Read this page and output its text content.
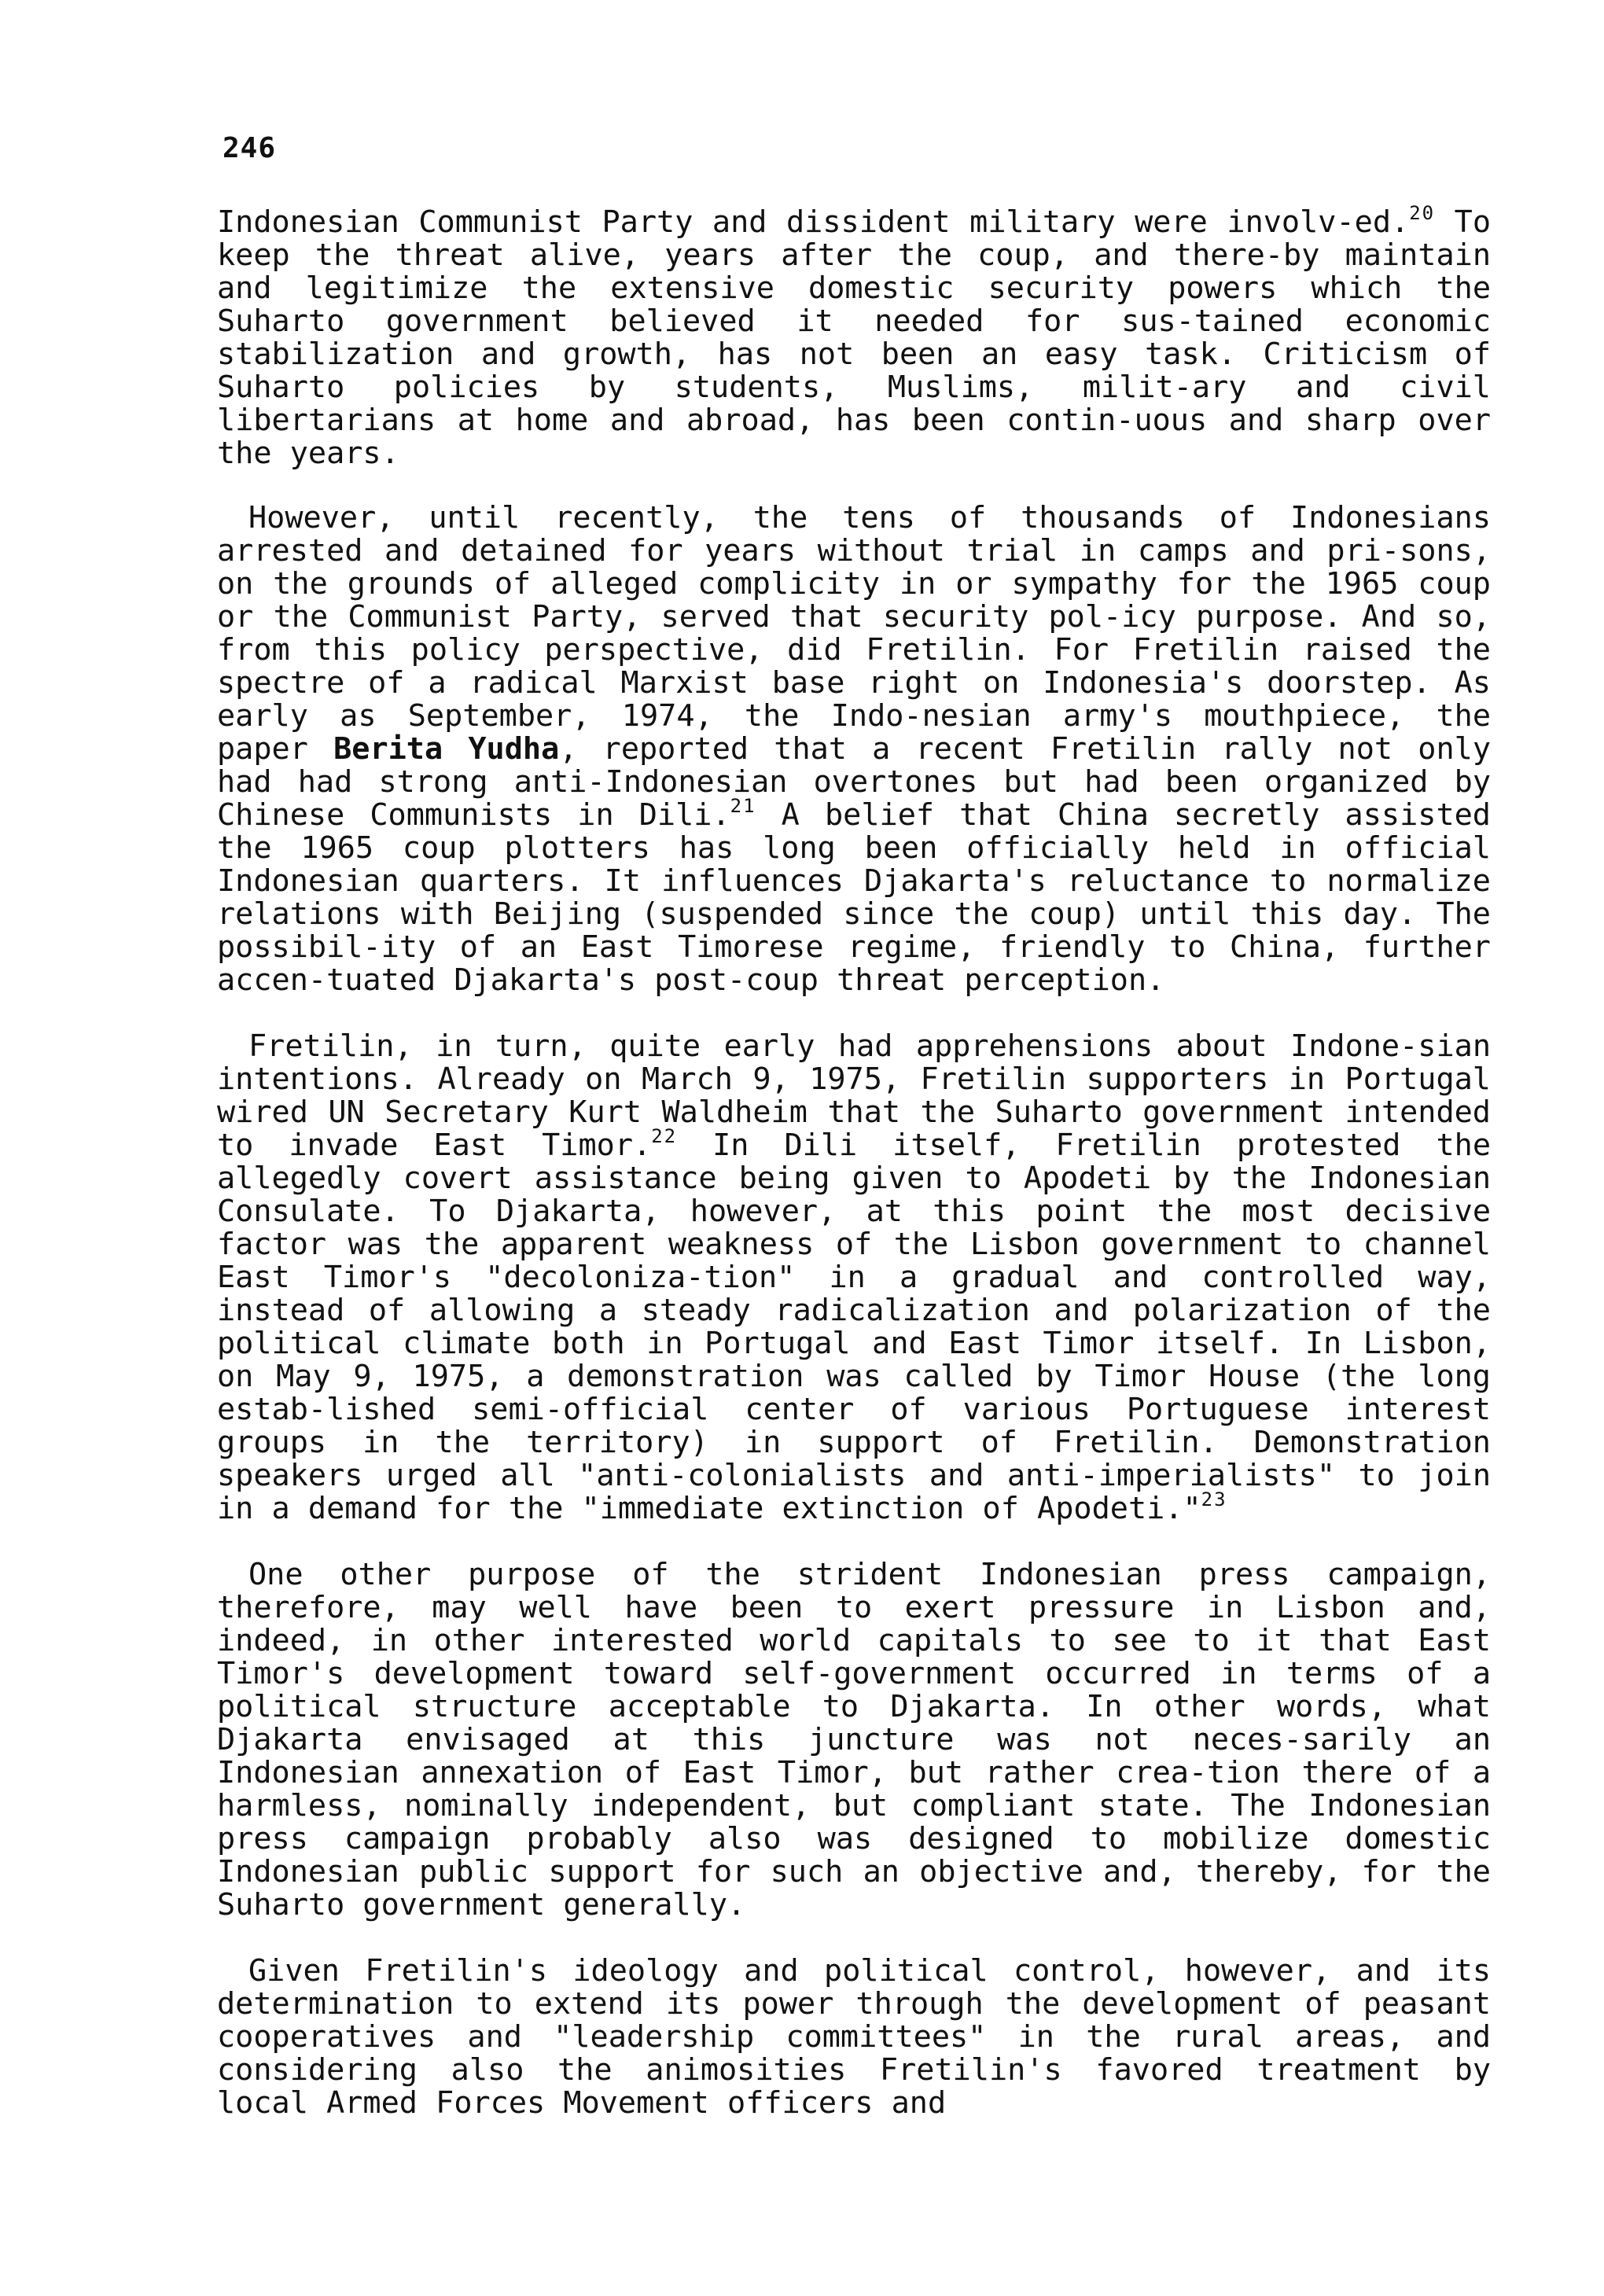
246

Indonesian Communist Party and dissident military were involv-ed.$^{20}$ To keep the threat alive, years after the coup, and there-by maintain and legitimize the extensive domestic security powers which the Suharto government believed it needed for sus-tained economic stabilization and growth, has not been an easy task. Criticism of Suharto policies by students, Muslims, milit-ary and civil libertarians at home and abroad, has been contin-uous and sharp over the years.

However, until recently, the tens of thousands of Indonesians arrested and detained for years without trial in camps and pri-sons, on the grounds of alleged complicity in or sympathy for the 1965 coup or the Communist Party, served that security pol-icy purpose. And so, from this policy perspective, did Fretilin. For Fretilin raised the spectre of a radical Marxist base right on Indonesia's doorstep. As early as September, 1974, the Indo-nesian army's mouthpiece, the paper Berita Yudha, reported that a recent Fretilin rally not only had had strong anti-Indonesian overtones but had been organized by Chinese Communists in Dili.$^{21}$ A belief that China secretly assisted the 1965 coup plotters has long been officially held in official Indonesian quarters. It influences Djakarta's reluctance to normalize relations with Beijing (suspended since the coup) until this day. The possibil-ity of an East Timorese regime, friendly to China, further accen-tuated Djakarta's post-coup threat perception.

Fretilin, in turn, quite early had apprehensions about Indone-sian intentions. Already on March 9, 1975, Fretilin supporters in Portugal wired UN Secretary Kurt Waldheim that the Suharto government intended to invade East Timor.$^{22}$ In Dili itself, Fretilin protested the allegedly covert assistance being given to Apodeti by the Indonesian Consulate. To Djakarta, however, at this point the most decisive factor was the apparent weakness of the Lisbon government to channel East Timor's "decoloniza-tion" in a gradual and controlled way, instead of allowing a steady radicalization and polarization of the political climate both in Portugal and East Timor itself. In Lisbon, on May 9, 1975, a demonstration was called by Timor House (the long estab-lished semi-official center of various Portuguese interest groups in the territory) in support of Fretilin. Demonstration speakers urged all "anti-colonialists and anti-imperialists" to join in a demand for the "immediate extinction of Apodeti."$^{23}$

One other purpose of the strident Indonesian press campaign, therefore, may well have been to exert pressure in Lisbon and, indeed, in other interested world capitals to see to it that East Timor's development toward self-government occurred in terms of a political structure acceptable to Djakarta. In other words, what Djakarta envisaged at this juncture was not neces-sarily an Indonesian annexation of East Timor, but rather crea-tion there of a harmless, nominally independent, but compliant state. The Indonesian press campaign probably also was designed to mobilize domestic Indonesian public support for such an objective and, thereby, for the Suharto government generally.

Given Fretilin's ideology and political control, however, and its determination to extend its power through the development of peasant cooperatives and "leadership committees" in the rural areas, and considering also the animosities Fretilin's favored treatment by local Armed Forces Movement officers and
